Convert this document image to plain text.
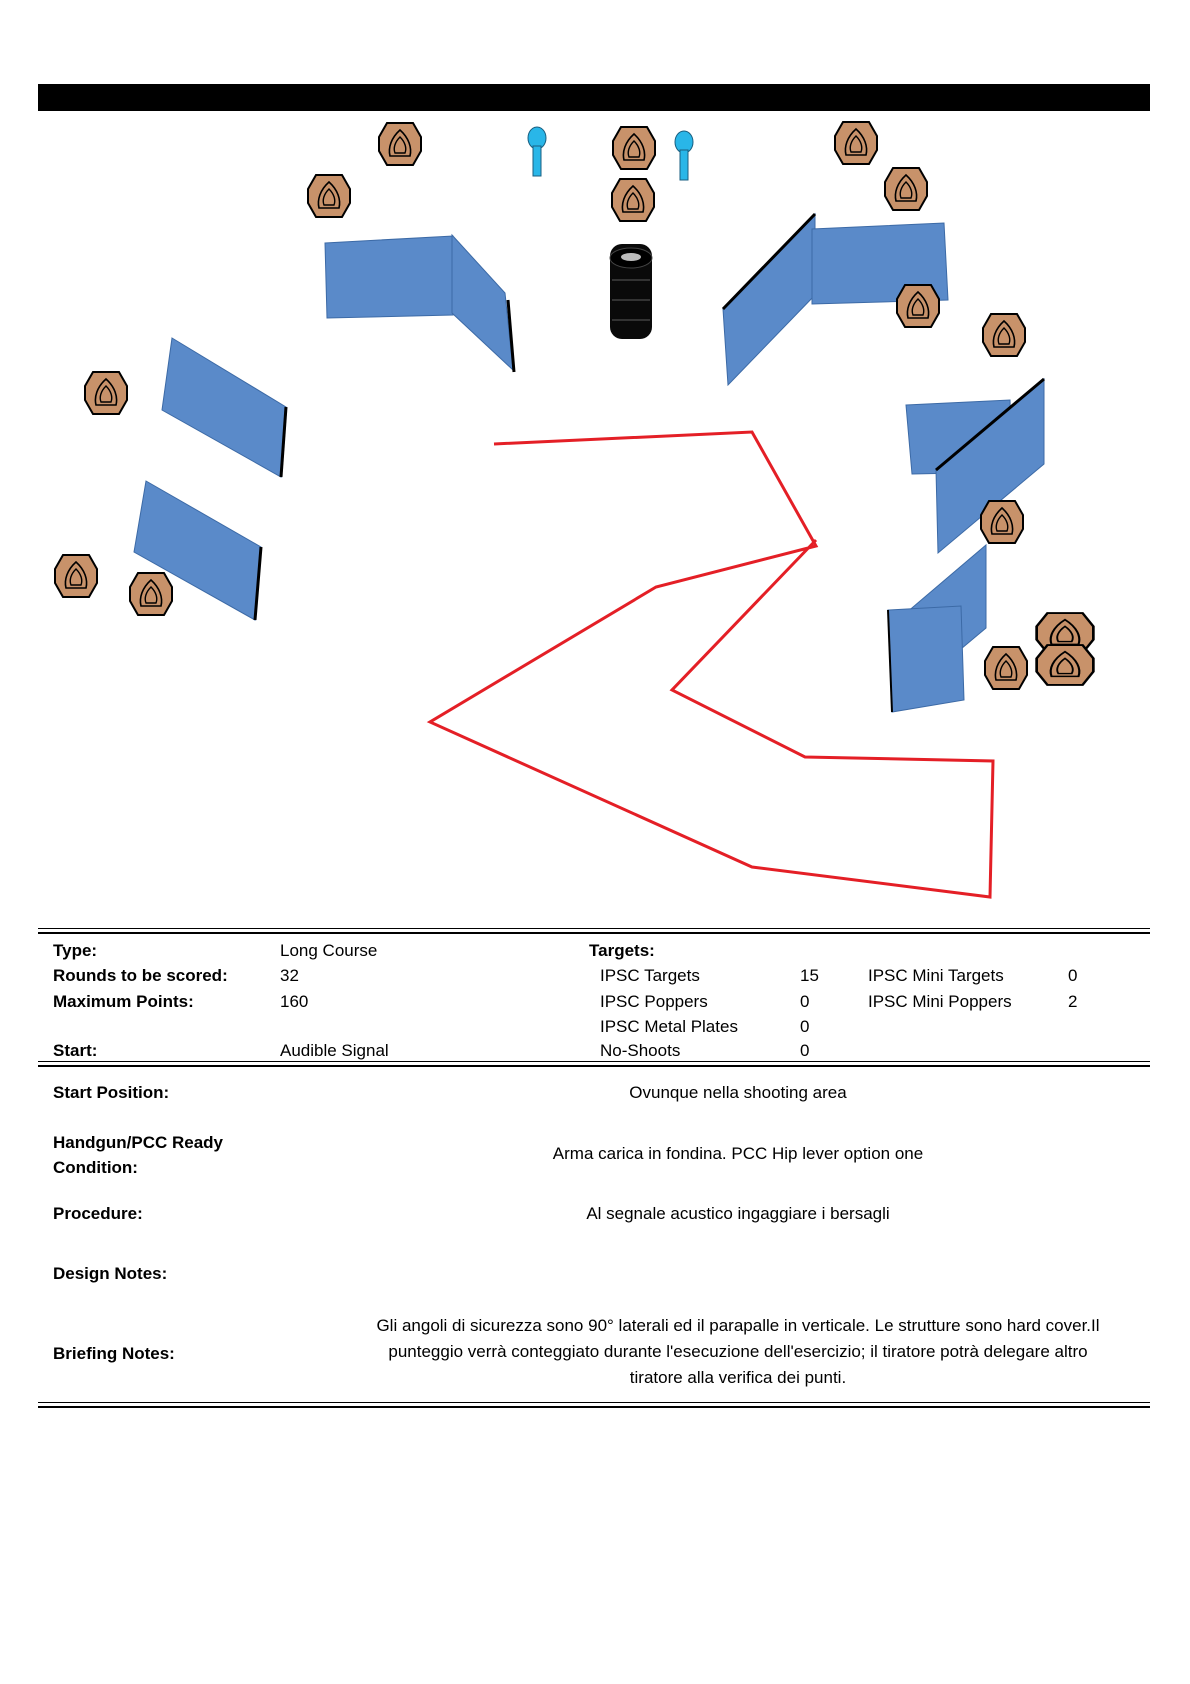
Type:	Long Course
Rounds to be scored:	32
Maximum Points:	160
Start:	Audible Signal
Targets:
IPSC Targets	15
IPSC Poppers	0
IPSC Metal Plates	0
No-Shoots	0
IPSC Mini Targets	0
IPSC Mini Poppers	2
Start Position:	Ovunque nella shooting area
Handgun/PCC Ready
Condition:
Arma carica in fondina. PCC Hip lever option one
Procedure:	Al segnale acustico ingaggiare i bersagli
Design Notes:
Briefing Notes:
Gli angoli di sicurezza sono 90° laterali ed il parapalle in verticale. Le strutture sono hard cover.Il
punteggio verrà conteggiato durante l'esecuzione dell'esercizio; il tiratore potrà delegare altro
tiratore alla verifica dei punti.
